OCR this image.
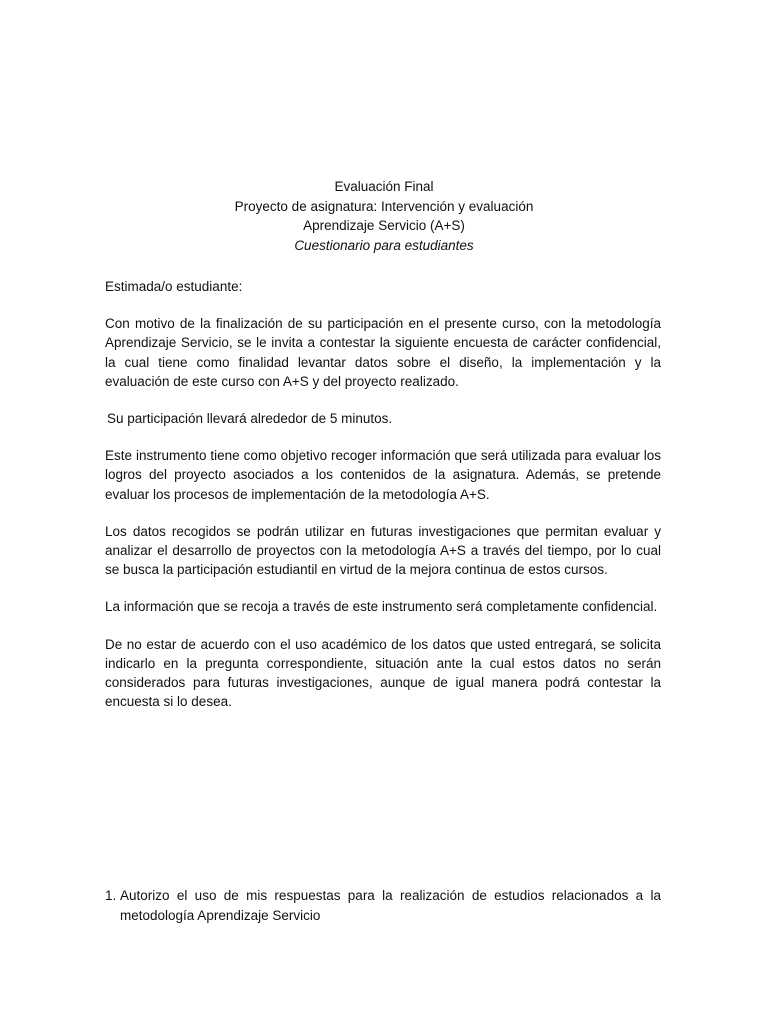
Evaluación Final
Proyecto de asignatura: Intervención y evaluación
Aprendizaje Servicio (A+S)
Cuestionario para estudiantes

Estimada/o estudiante:

Con motivo de la finalización de su participación en el presente curso, con la metodología Aprendizaje Servicio, se le invita a contestar la siguiente encuesta de carácter confidencial, la cual tiene como finalidad levantar datos sobre el diseño, la implementación y la evaluación de este curso con A+S y del proyecto realizado.

Su participación llevará alrededor de 5 minutos.

Este instrumento tiene como objetivo recoger información que será utilizada para evaluar los logros del proyecto asociados a los contenidos de la asignatura. Además, se pretende evaluar los procesos de implementación de la metodología A+S.

Los datos recogidos se podrán utilizar en futuras investigaciones que permitan evaluar y analizar el desarrollo de proyectos con la metodología A+S a través del tiempo, por lo cual se busca la participación estudiantil en virtud de la mejora continua de estos cursos.

La información que se recoja a través de este instrumento será completamente confidencial.

De no estar de acuerdo con el uso académico de los datos que usted entregará, se solicita indicarlo en la pregunta correspondiente, situación ante la cual estos datos no serán considerados para futuras investigaciones, aunque de igual manera podrá contestar la encuesta si lo desea.

1. Autorizo el uso de mis respuestas para la realización de estudios relacionados a la metodología Aprendizaje Servicio
